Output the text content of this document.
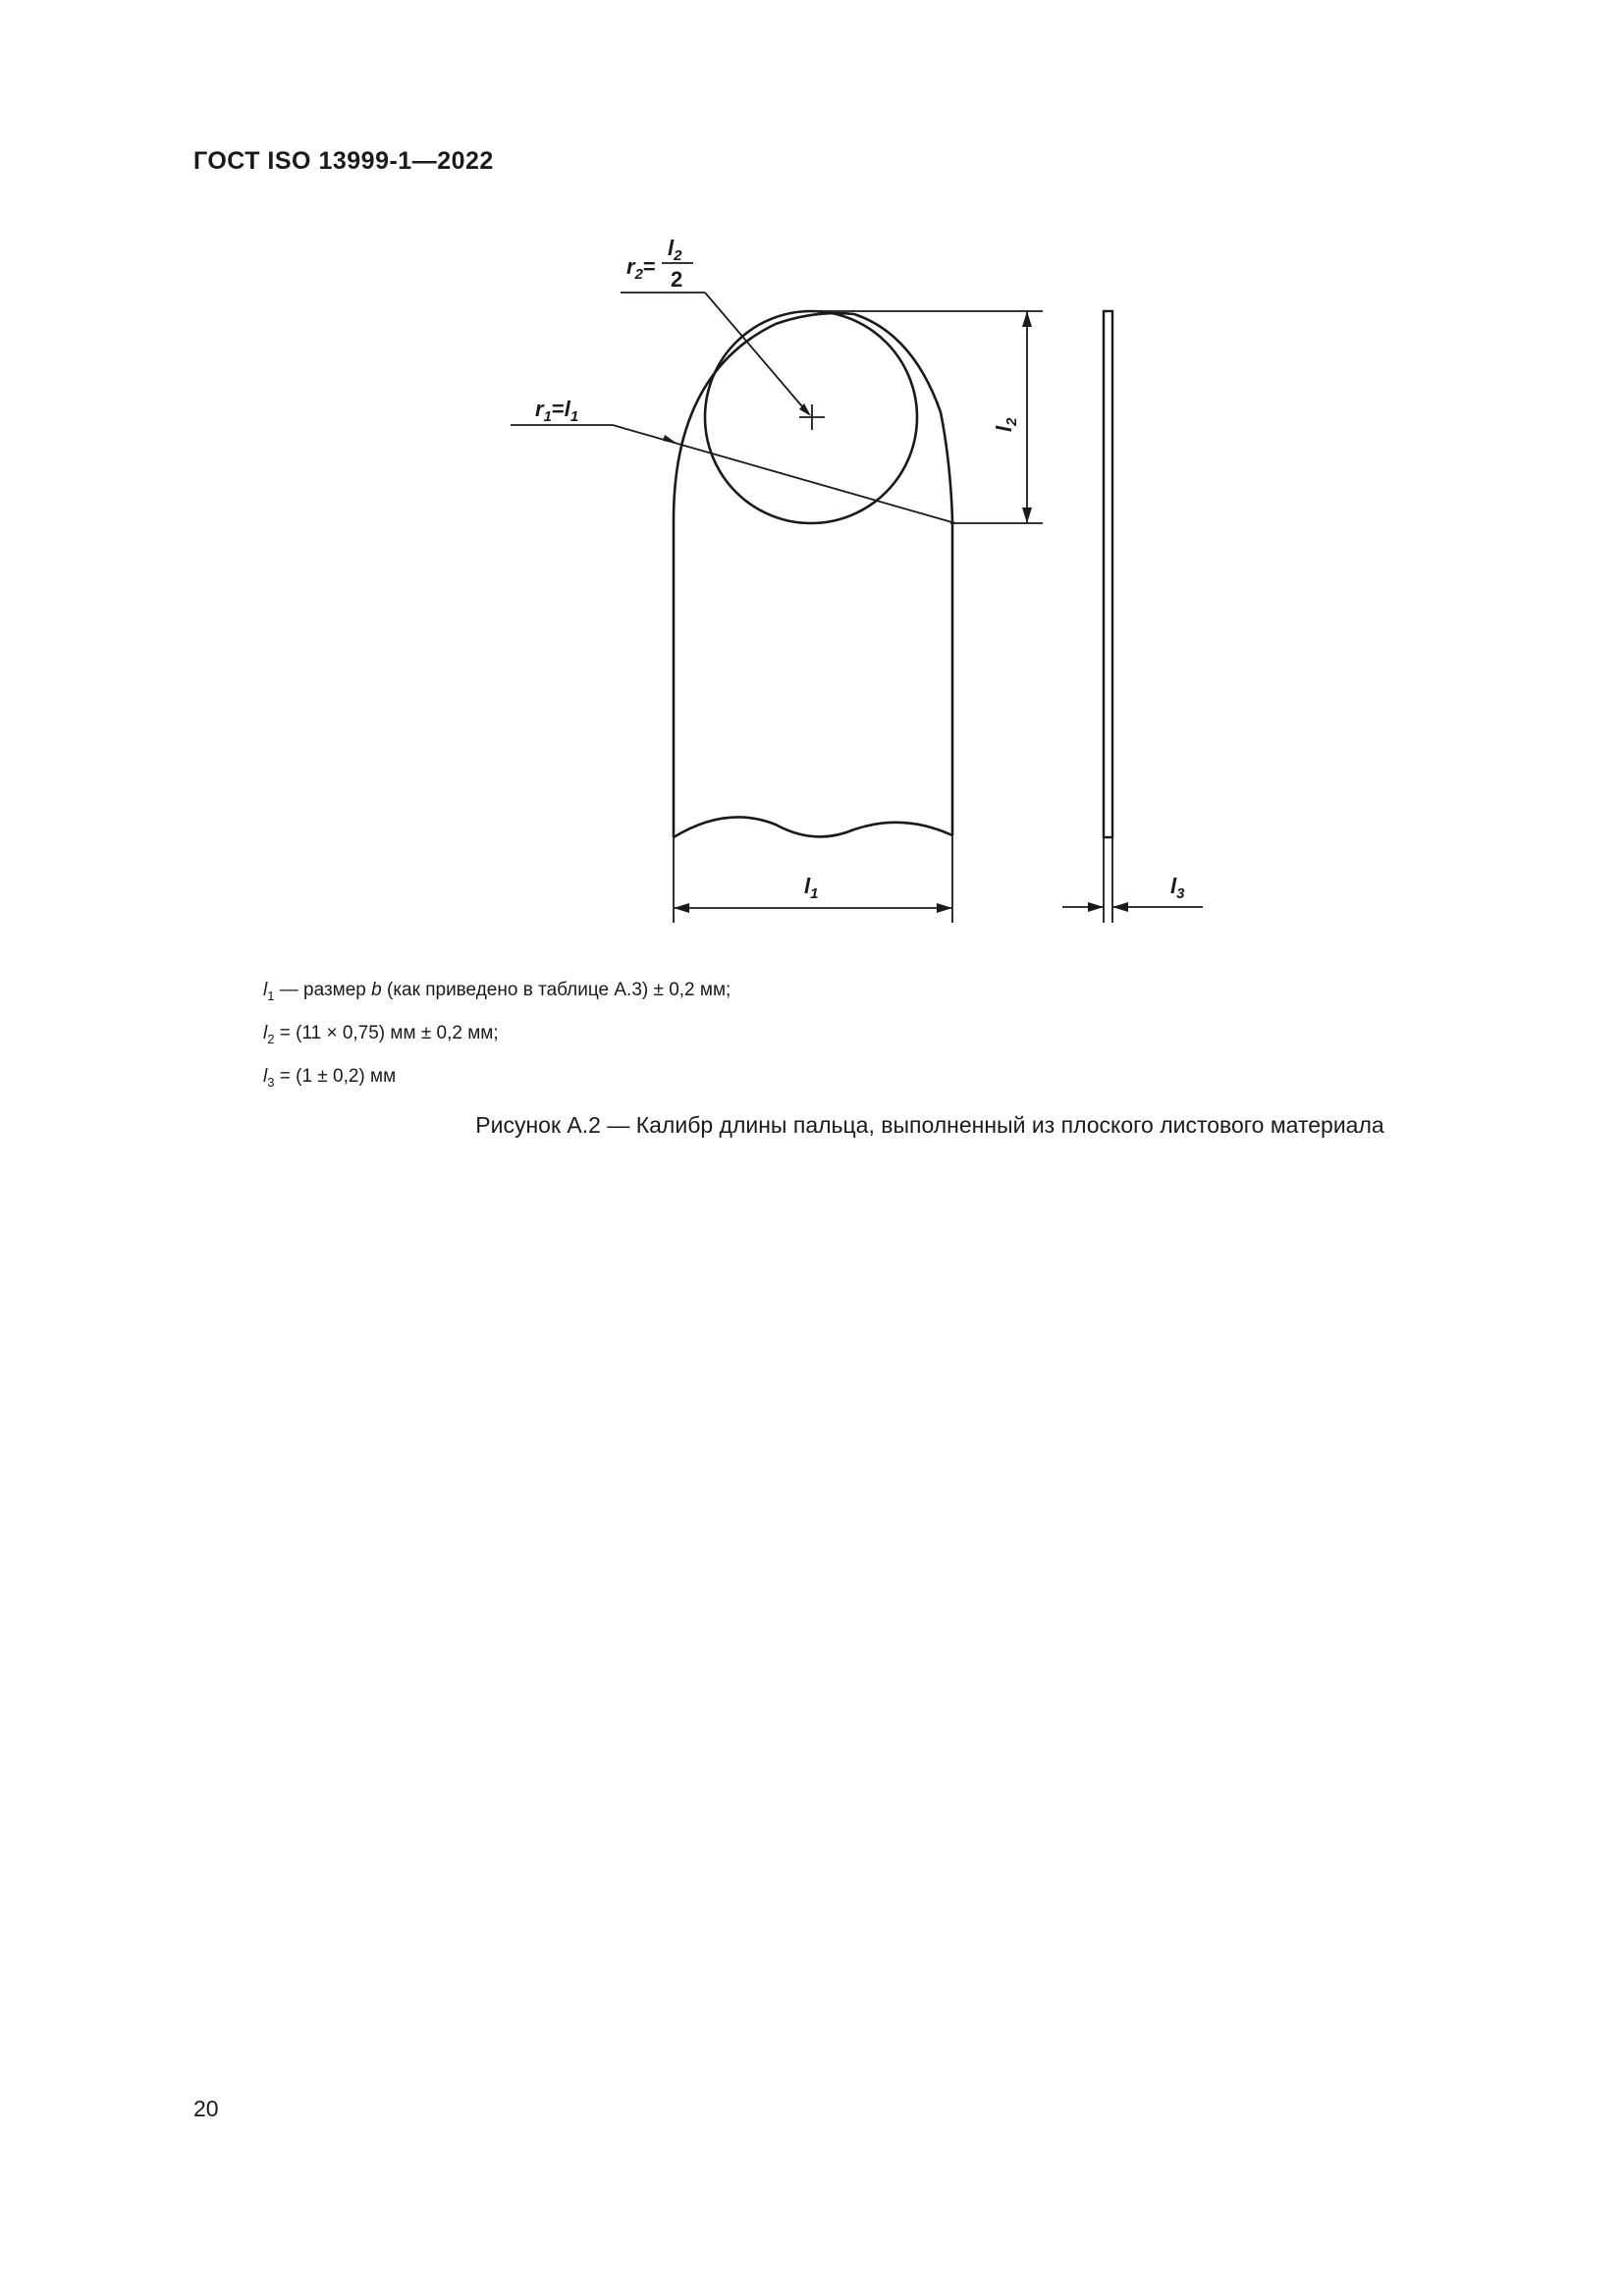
ГОСТ ISO 13999-1—2022
$r_2=$
$l_2$
2
$r_1=l_1$
$l_2$
$l_1$	$l_3$
$l_1$ — размер b (как приведено в таблице А.3) ± 0,2 мм;
$l_2 = (11 \times 0,75)$ мм ± 0,2 мм;
$l_3 = (1 \pm 0,2)$ мм
Рисунок А.2 — Калибр длины пальца, выполненный из плоского листового материала
20
